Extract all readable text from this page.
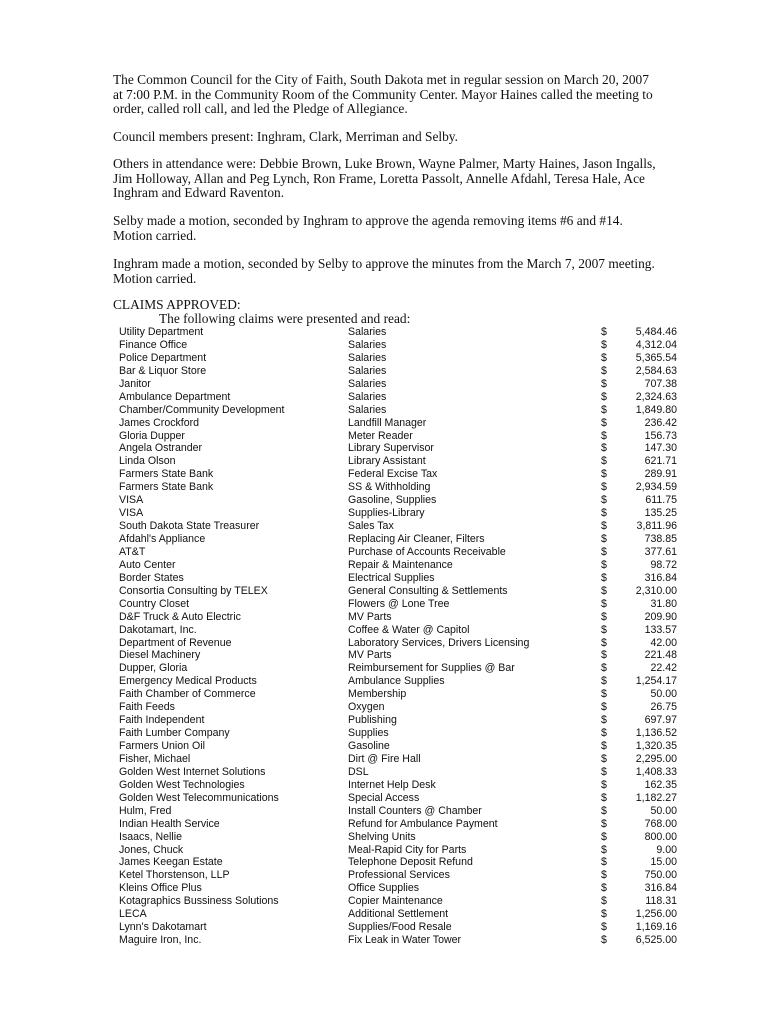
The Common Council for the City of Faith, South Dakota met in regular session on March 20, 2007 at 7:00 P.M. in the Community Room of the Community Center. Mayor Haines called the meeting to order, called roll call, and led the Pledge of Allegiance.

Council members present: Inghram, Clark, Merriman and Selby.

Others in attendance were: Debbie Brown, Luke Brown, Wayne Palmer, Marty Haines, Jason Ingalls, Jim Holloway, Allan and Peg Lynch, Ron Frame, Loretta Passolt, Annelle Afdahl, Teresa Hale, Ace Inghram and Edward Raventon.

Selby made a motion, seconded by Inghram to approve the agenda removing items #6 and #14. Motion carried.

Inghram made a motion, seconded by Selby to approve the minutes from the March 7, 2007 meeting. Motion carried.

CLAIMS APPROVED:

The following claims were presented and read:

Utility Department	Salaries	$	5,484.46
Finance Office	Salaries	$	4,312.04
Police Department	Salaries	$	5,365.54
Bar & Liquor Store	Salaries	$	2,584.63
Janitor	Salaries	$	707.38
Ambulance Department	Salaries	$	2,324.63
Chamber/Community Development	Salaries	$	1,849.80
James Crockford	Landfill Manager	$	236.42
Gloria Dupper	Meter Reader	$	156.73
Angela Ostrander	Library Supervisor	$	147.30
Linda Olson	Library Assistant	$	621.71
Farmers State Bank	Federal Excise Tax	$	289.91
Farmers State Bank	SS & Withholding	$	2,934.59
VISA	Gasoline, Supplies	$	611.75
VISA	Supplies-Library	$	135.25
South Dakota State Treasurer	Sales Tax	$	3,811.96
Afdahl's Appliance	Replacing Air Cleaner, Filters	$	738.85
AT&T	Purchase of Accounts Receivable	$	377.61
Auto Center	Repair & Maintenance	$	98.72
Border States	Electrical Supplies	$	316.84
Consortia Consulting by TELEX	General Consulting & Settlements	$	2,310.00
Country Closet	Flowers @ Lone Tree	$	31.80
D&F Truck & Auto Electric	MV Parts	$	209.90
Dakotamart, Inc.	Coffee & Water @ Capitol	$	133.57
Department of Revenue	Laboratory Services, Drivers Licensing	$	42.00
Diesel Machinery	MV Parts	$	221.48
Dupper, Gloria	Reimbursement for Supplies @ Bar	$	22.42
Emergency Medical Products	Ambulance Supplies	$	1,254.17
Faith Chamber of Commerce	Membership	$	50.00
Faith Feeds	Oxygen	$	26.75
Faith Independent	Publishing	$	697.97
Faith Lumber Company	Supplies	$	1,136.52
Farmers Union Oil	Gasoline	$	1,320.35
Fisher, Michael	Dirt @ Fire Hall	$	2,295.00
Golden West Internet Solutions	DSL	$	1,408.33
Golden West Technologies	Internet Help Desk	$	162.35
Golden West Telecommunications	Special Access	$	1,182.27
Hulm, Fred	Install Counters @ Chamber	$	50.00
Indian Health Service	Refund for Ambulance Payment	$	768.00
Isaacs, Nellie	Shelving Units	$	800.00
Jones, Chuck	Meal-Rapid City for Parts	$	9.00
James Keegan Estate	Telephone Deposit Refund	$	15.00
Ketel Thorstenson, LLP	Professional Services	$	750.00
Kleins Office Plus	Office Supplies	$	316.84
Kotagraphics Bussiness Solutions	Copier Maintenance	$	118.31
LECA	Additional Settlement	$	1,256.00
Lynn's Dakotamart	Supplies/Food Resale	$	1,169.16
Maguire Iron, Inc.	Fix Leak in Water Tower	$	6,525.00
